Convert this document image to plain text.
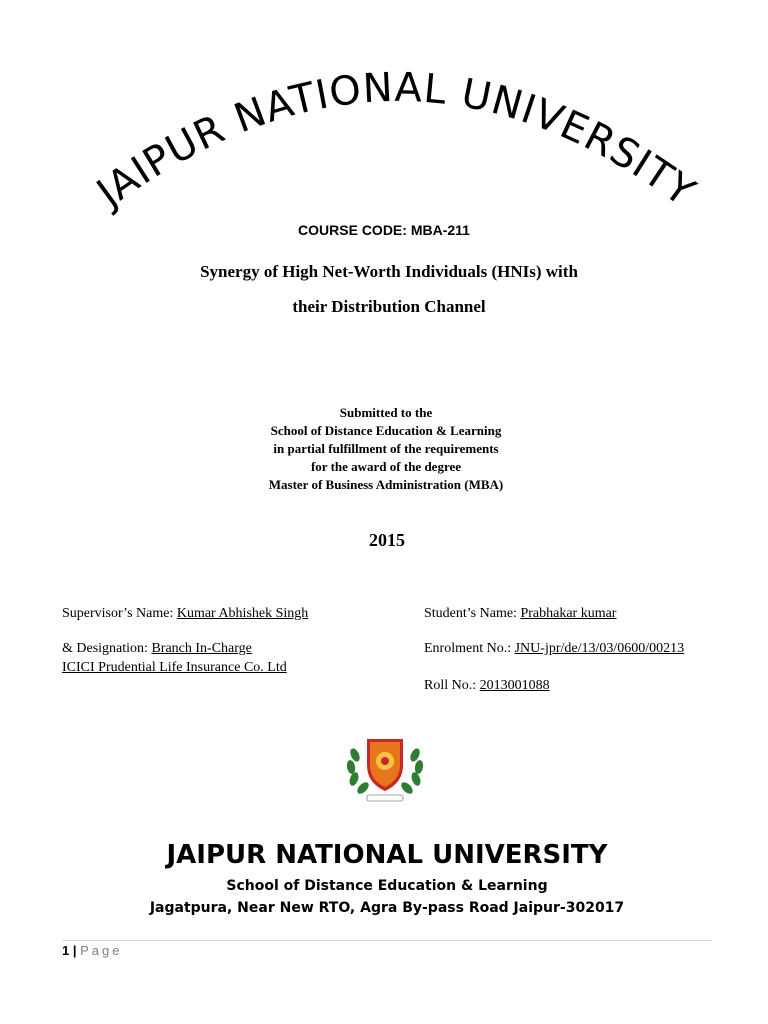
JAIPUR NATIONAL UNIVERSITY
COURSE CODE: MBA-211
Synergy of High Net-Worth Individuals (HNIs) with
their Distribution Channel
Submitted to the
School of Distance Education & Learning
in partial fulfillment of the requirements
for the award of the degree
Master of Business Administration (MBA)
2015
Supervisor’s Name: Kumar Abhishek Singh
& Designation: Branch In-Charge
ICICI Prudential Life Insurance Co. Ltd
Student’s Name: Prabhakar kumar
Enrolment No.: JNU-jpr/de/13/03/0600/00213
Roll No.: 2013001088
JAIPUR NATIONAL UNIVERSITY
School of Distance Education & Learning
Jagatpura, Near New RTO, Agra By-pass Road Jaipur-302017
1 | Page
